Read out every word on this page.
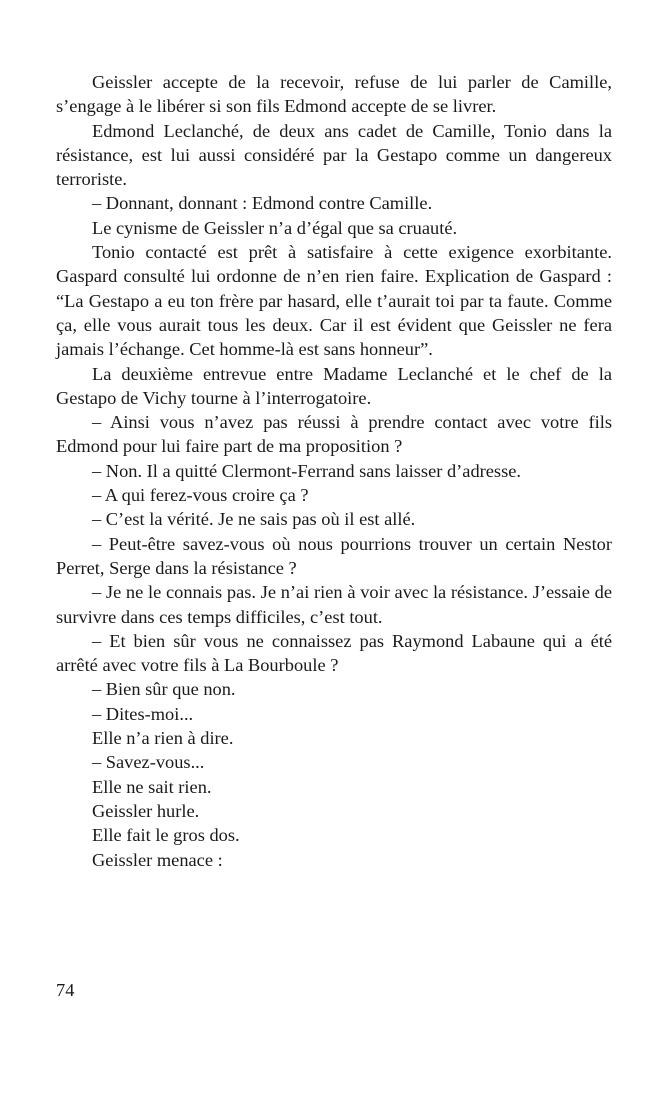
Geissler accepte de la recevoir, refuse de lui parler de Camille, s’engage à le libérer si son fils Edmond accepte de se livrer.

Edmond Leclanché, de deux ans cadet de Camille, Tonio dans la résistance, est lui aussi considéré par la Gestapo comme un dangereux terroriste.

– Donnant, donnant : Edmond contre Camille.

Le cynisme de Geissler n’a d’égal que sa cruauté.

Tonio contacté est prêt à satisfaire à cette exigence exorbitante. Gaspard consulté lui ordonne de n’en rien faire. Explication de Gaspard : “La Gestapo a eu ton frère par hasard, elle t’aurait toi par ta faute. Comme ça, elle vous aurait tous les deux. Car il est évident que Geissler ne fera jamais l’échange. Cet homme-là est sans honneur”.

La deuxième entrevue entre Madame Leclanché et le chef de la Gestapo de Vichy tourne à l’interrogatoire.

– Ainsi vous n’avez pas réussi à prendre contact avec votre fils Edmond pour lui faire part de ma proposition ?

– Non. Il a quitté Clermont-Ferrand sans laisser d’adresse.

– A qui ferez-vous croire ça ?

– C’est la vérité. Je ne sais pas où il est allé.

– Peut-être savez-vous où nous pourrions trouver un certain Nestor Perret, Serge dans la résistance ?

– Je ne le connais pas. Je n’ai rien à voir avec la résistance. J’essaie de survivre dans ces temps difficiles, c’est tout.

– Et bien sûr vous ne connaissez pas Raymond Labaune qui a été arrêté avec votre fils à La Bourboule ?

– Bien sûr que non.

– Dites-moi...

Elle n’a rien à dire.

– Savez-vous...

Elle ne sait rien.

Geissler hurle.

Elle fait le gros dos.

Geissler menace :

74
